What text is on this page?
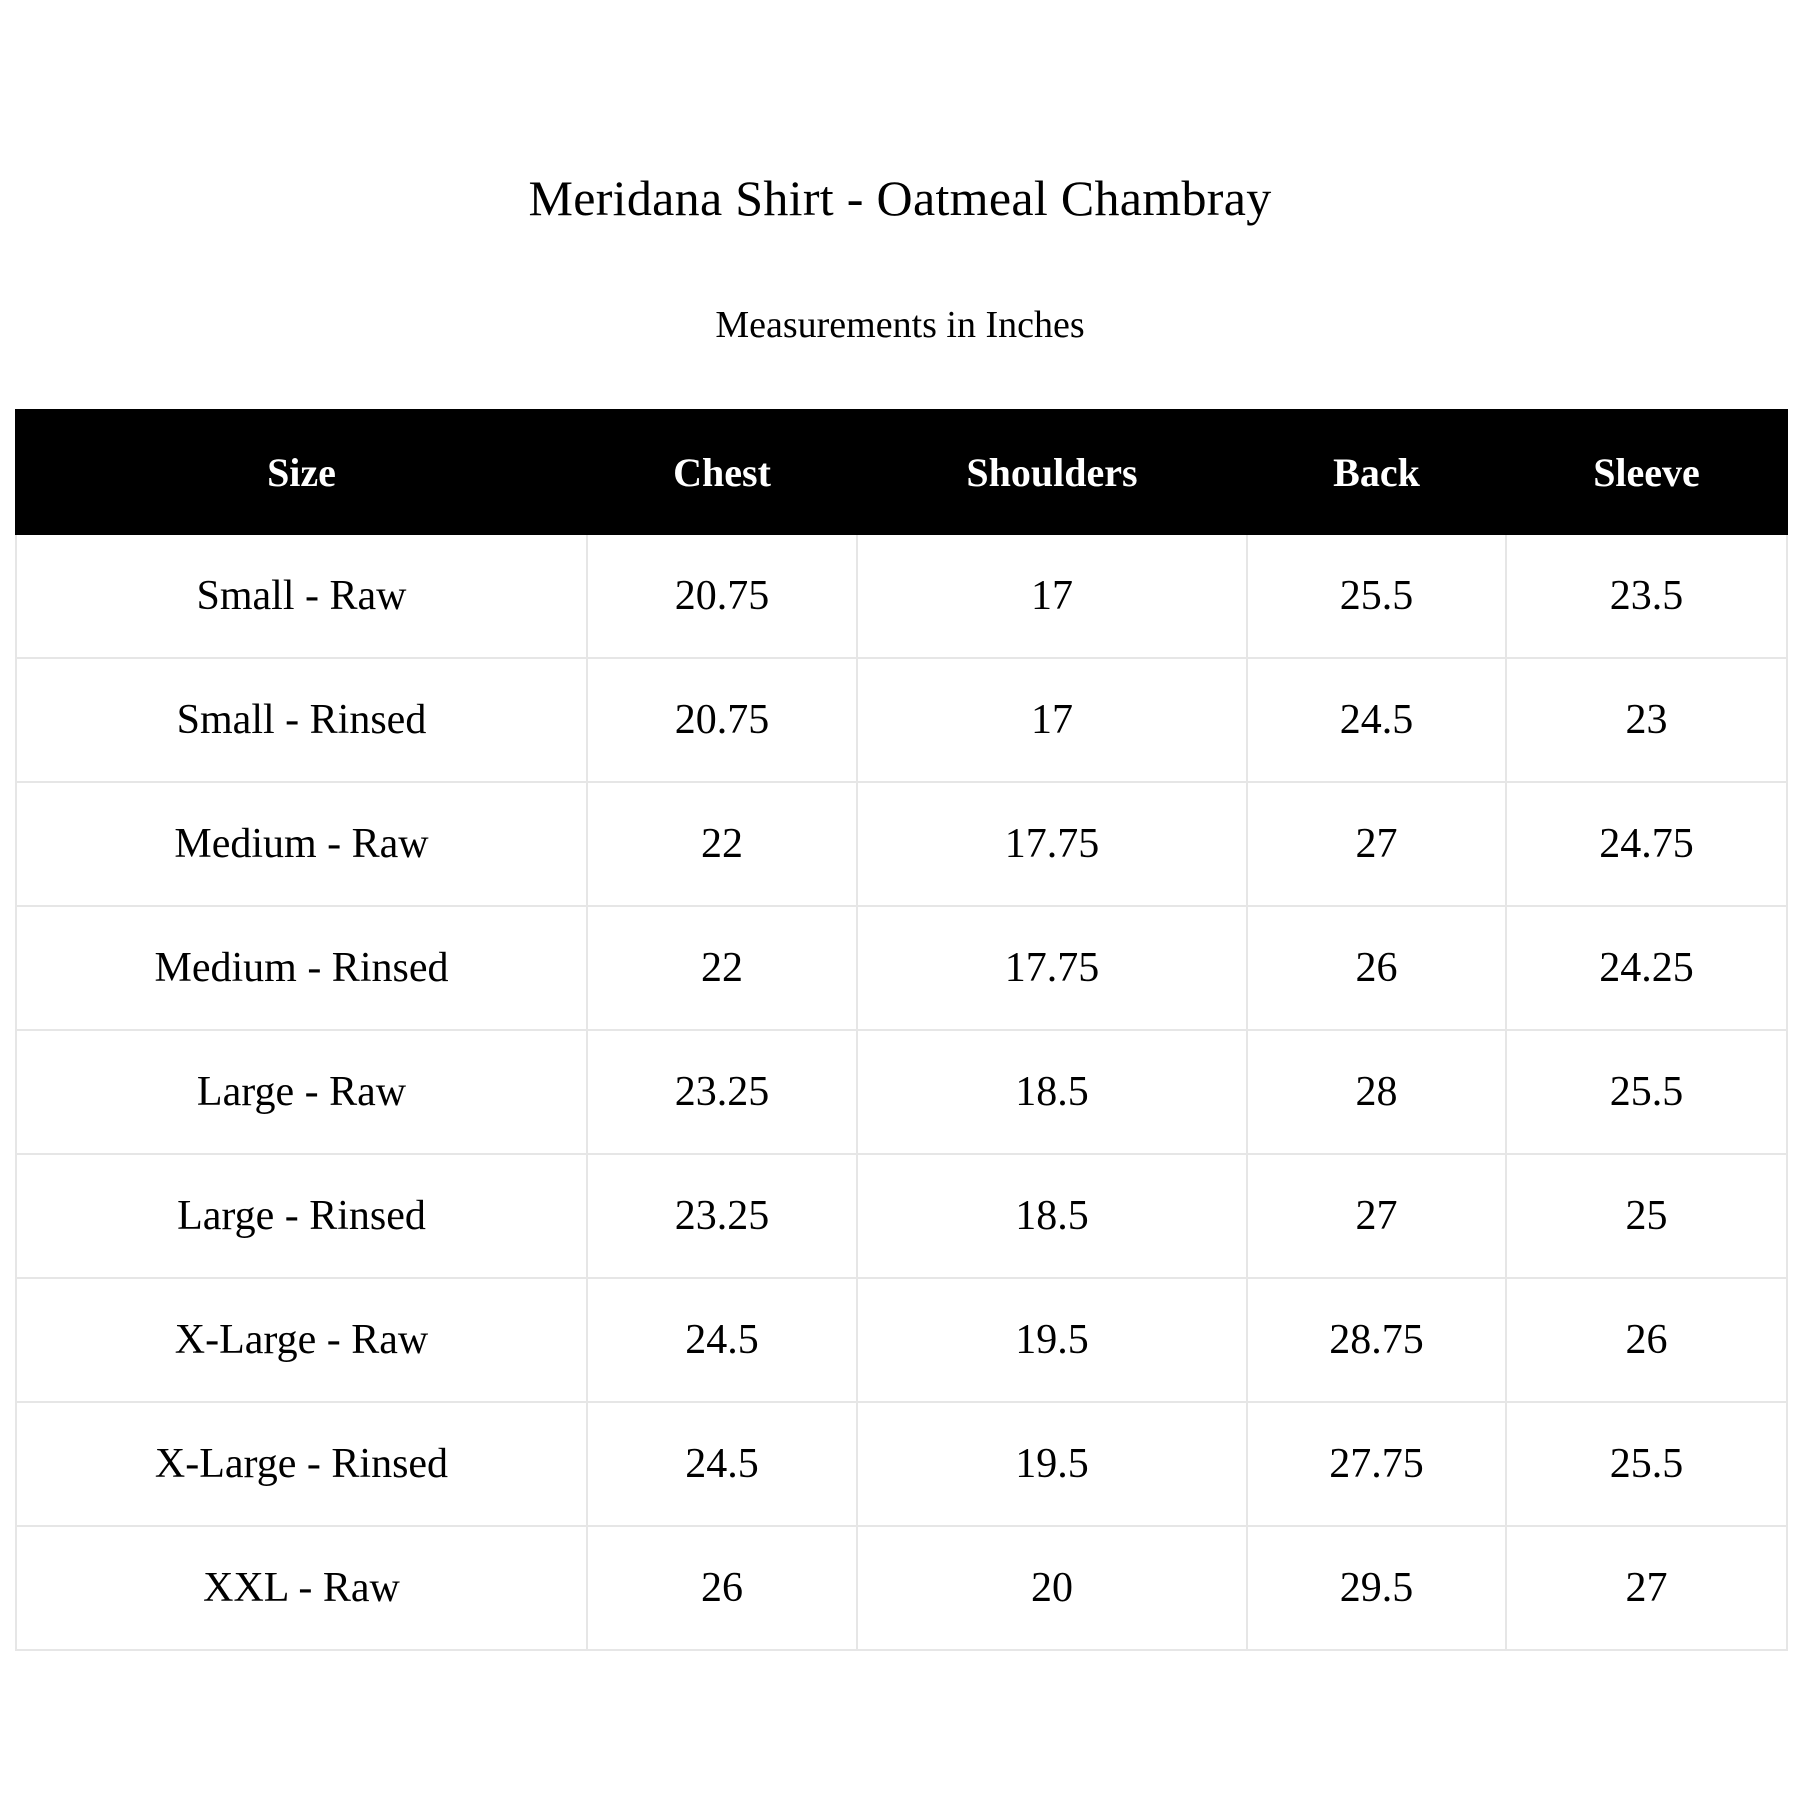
Meridana Shirt - Oatmeal Chambray
Measurements in Inches
Size	Chest	Shoulders	Back	Sleeve
Small - Raw	20.75	17	25.5	23.5
Small - Rinsed	20.75	17	24.5	23
Medium - Raw	22	17.75	27	24.75
Medium - Rinsed	22	17.75	26	24.25
Large - Raw	23.25	18.5	28	25.5
Large - Rinsed	23.25	18.5	27	25
X-Large - Raw	24.5	19.5	28.75	26
X-Large - Rinsed	24.5	19.5	27.75	25.5
XXL - Raw	26	20	29.5	27
